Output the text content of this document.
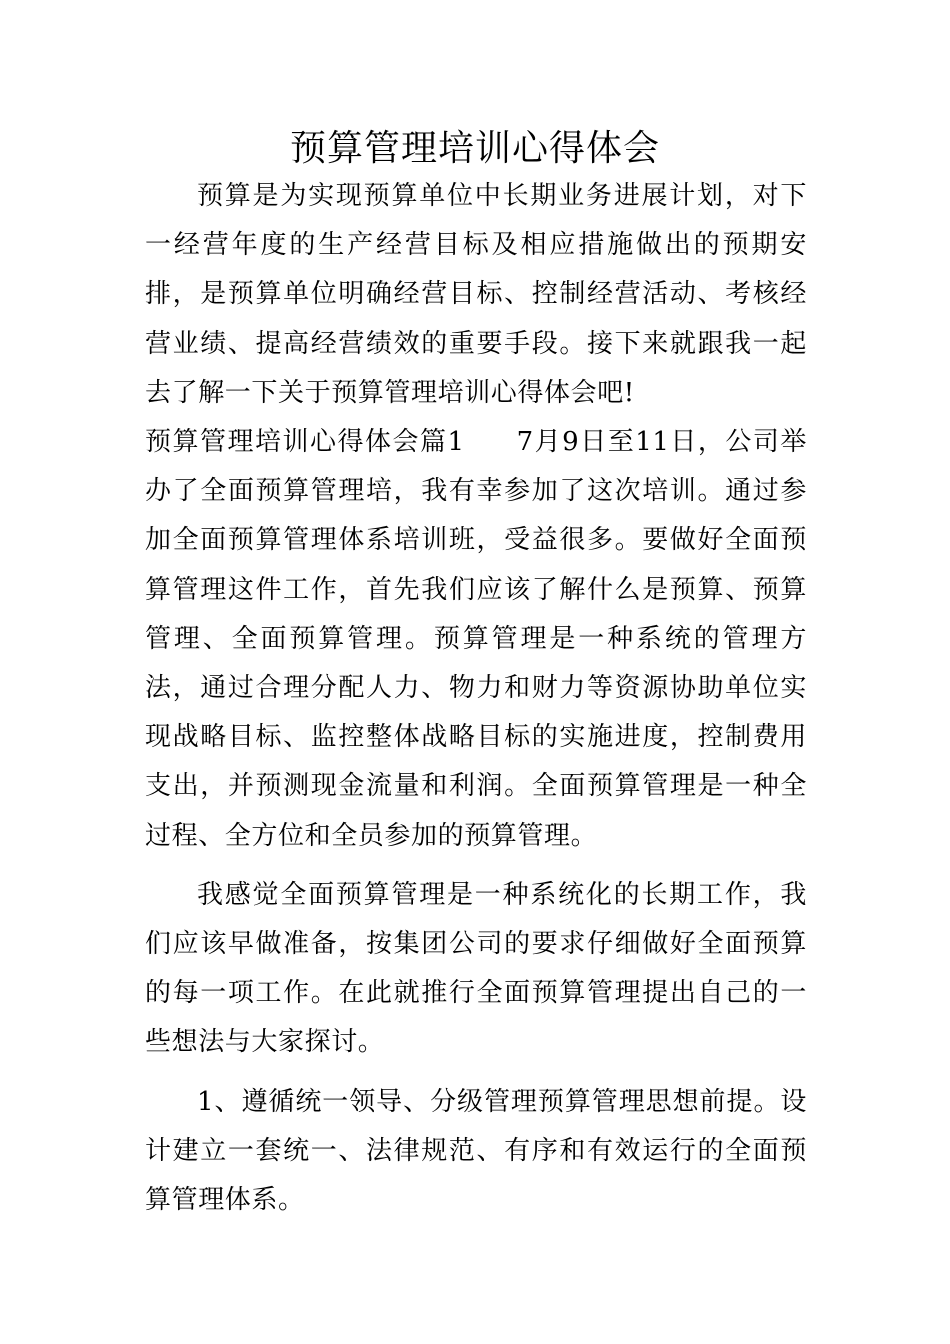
预算管理培训心得体会

预算是为实现预算单位中长期业务进展计划，对下一经营年度的生产经营目标及相应措施做出的预期安排，是预算单位明确经营目标、控制经营活动、考核经营业绩、提高经营绩效的重要手段。接下来就跟我一起去了解一下关于预算管理培训心得体会吧!

预算管理培训心得体会篇1 7月9日至11日，公司举办了全面预算管理培，我有幸参加了这次培训。通过参加全面预算管理体系培训班，受益很多。要做好全面预算管理这件工作，首先我们应该了解什么是预算、预算管理、全面预算管理。预算管理是一种系统的管理方法，通过合理分配人力、物力和财力等资源协助单位实现战略目标、监控整体战略目标的实施进度，控制费用支出，并预测现金流量和利润。全面预算管理是一种全过程、全方位和全员参加的预算管理。

我感觉全面预算管理是一种系统化的长期工作，我们应该早做准备，按集团公司的要求仔细做好全面预算的每一项工作。在此就推行全面预算管理提出自己的一些想法与大家探讨。

1、遵循统一领导、分级管理预算管理思想前提。设计建立一套统一、法律规范、有序和有效运行的全面预算管理体系。
